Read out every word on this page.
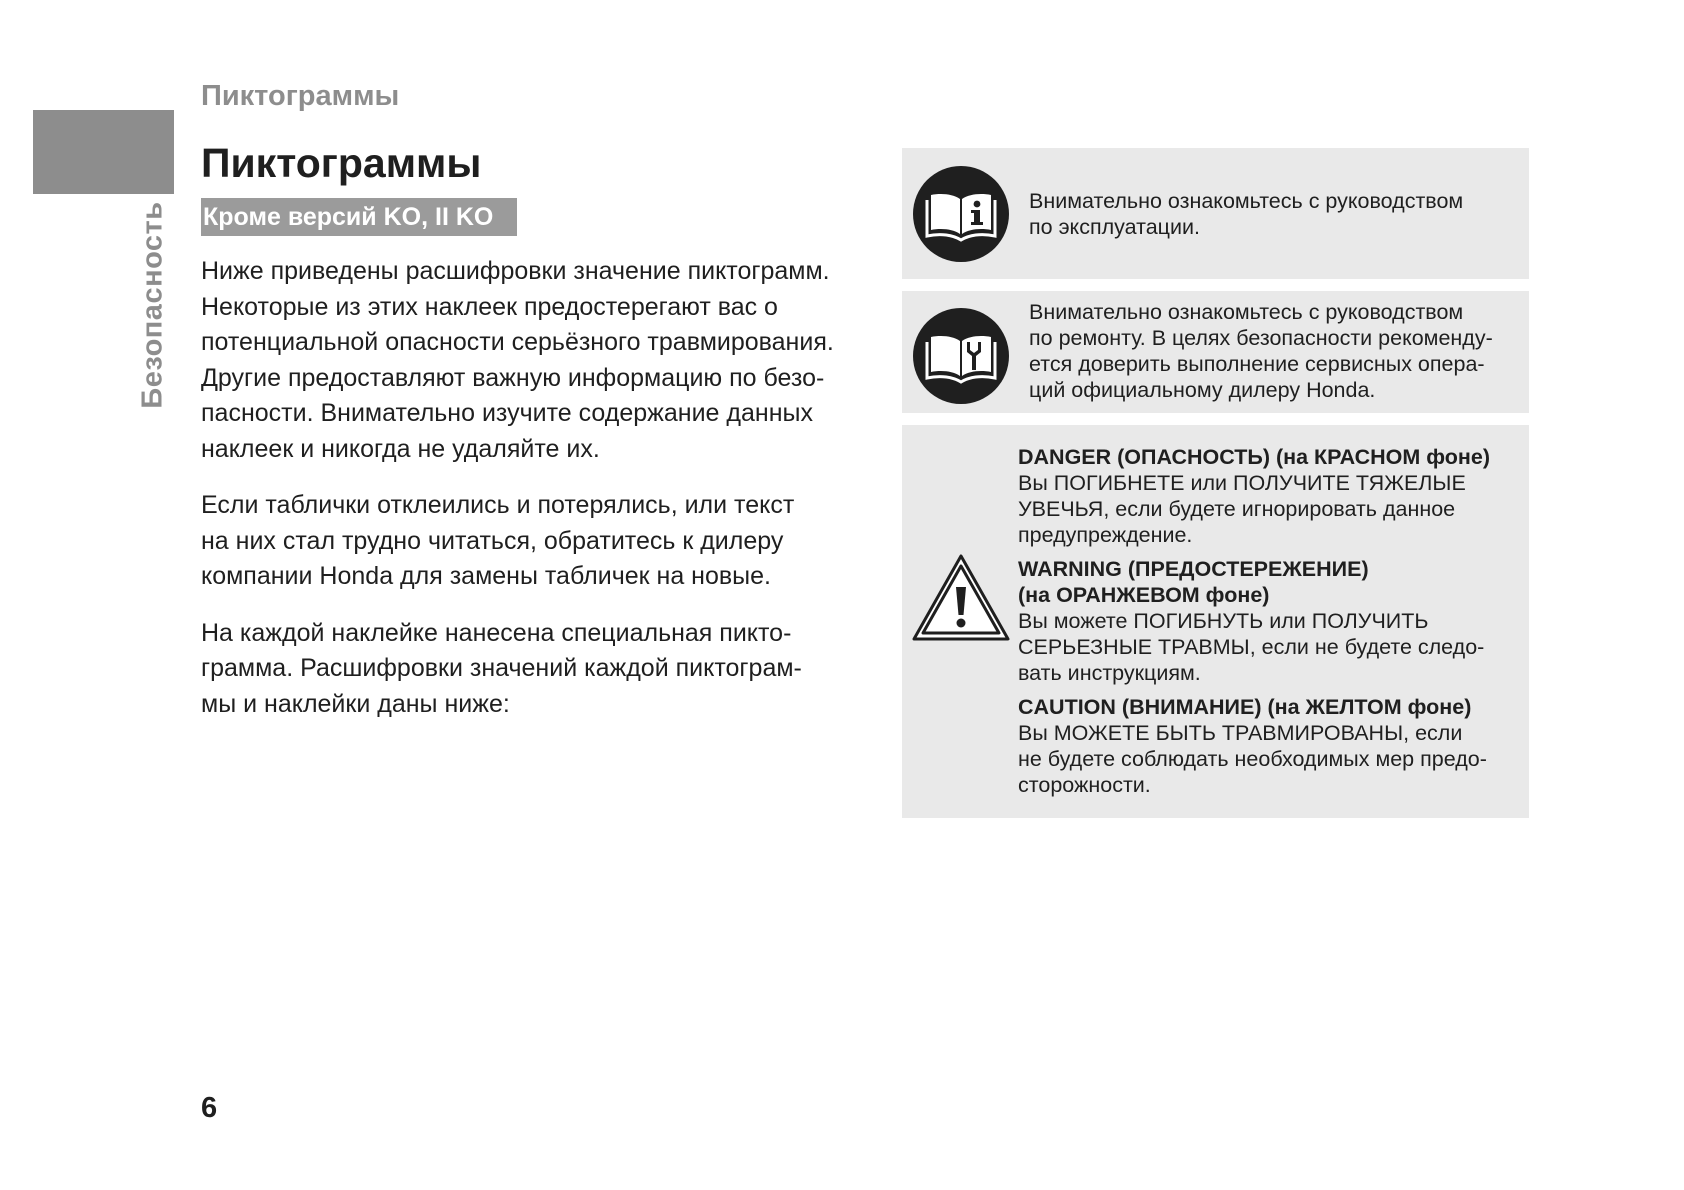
Безопасность
Пиктограммы
Пиктограммы
Кроме версий KO, II KO

Ниже приведены расшифровки значение пиктограмм.
Некоторые из этих наклеек предостерегают вас о
потенциальной опасности серьёзного травмирования.
Другие предоставляют важную информацию по безо-
пасности. Внимательно изучите содержание данных
наклеек и никогда не удаляйте их.

Если таблички отклеились и потерялись, или текст
на них стал трудно читаться, обратитесь к дилеру
компании Honda для замены табличек на новые.

На каждой наклейке нанесена специальная пикто-
грамма. Расшифровки значений каждой пиктограм-
мы и наклейки даны ниже:

Внимательно ознакомьтесь с руководством
по эксплуатации.
Внимательно ознакомьтесь с руководством
по ремонту. В целях безопасности рекоменду-
ется доверить выполнение сервисных опера-
ций официальному дилеру Honda.
DANGER (ОПАСНОСТЬ) (на КРАСНОМ фоне)
Вы ПОГИБНЕТЕ или ПОЛУЧИТЕ ТЯЖЕЛЫЕ
УВЕЧЬЯ, если будете игнорировать данное
предупреждение.
WARNING (ПРЕДОСТЕРЕЖЕНИЕ)
(на ОРАНЖЕВОМ фоне)
Вы можете ПОГИБНУТЬ или ПОЛУЧИТЬ
СЕРЬЕЗНЫЕ ТРАВМЫ, если не будете следо-
вать инструкциям.
CAUTION (ВНИМАНИЕ) (на ЖЕЛТОМ фоне)
Вы МОЖЕТЕ БЫТЬ ТРАВМИРОВАНЫ, если
не будете соблюдать необходимых мер предо-
сторожности.
6
